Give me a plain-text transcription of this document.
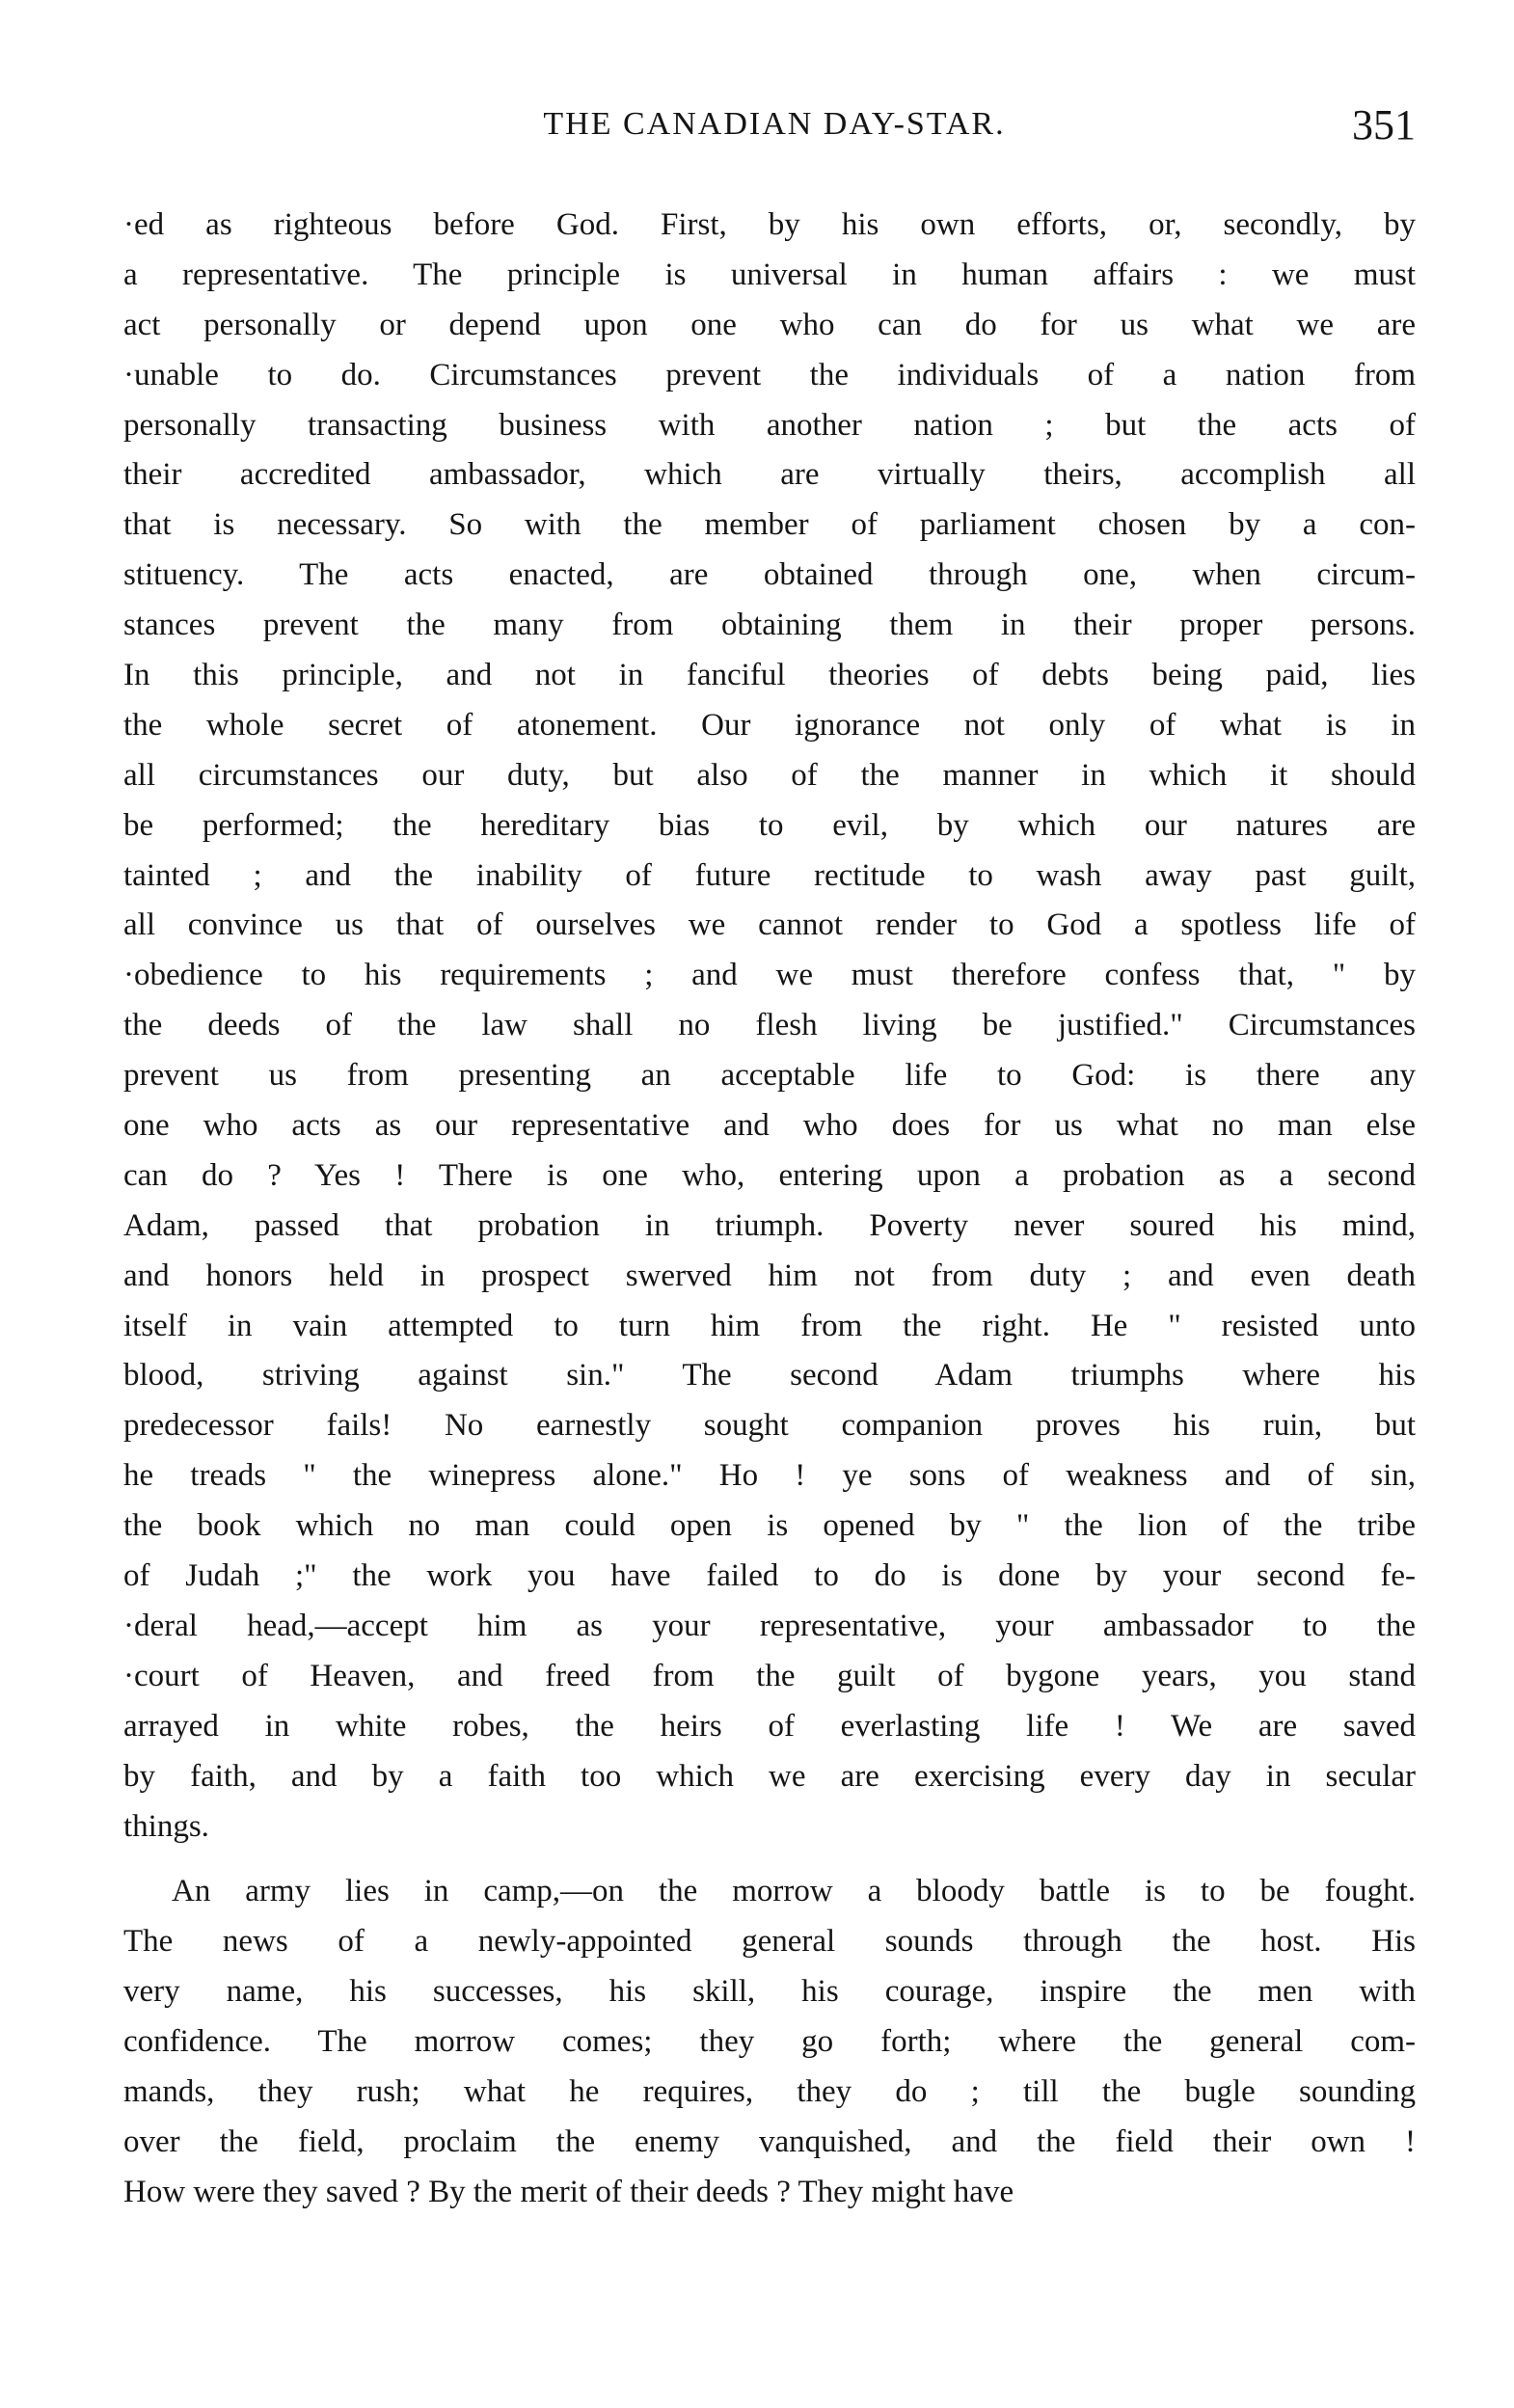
THE CANADIAN DAY-STAR.	351
·ed as righteous before God. First, by his own efforts, or, secondly, by
a representative. The principle is universal in human affairs : we must
act personally or depend upon one who can do for us what we are
·unable to do. Circumstances prevent the individuals of a nation from
personally transacting business with another nation ; but the acts of
their accredited ambassador, which are virtually theirs, accomplish all
that is necessary. So with the member of parliament chosen by a con-
stituency. The acts enacted, are obtained through one, when circum-
stances prevent the many from obtaining them in their proper persons.
In this principle, and not in fanciful theories of debts being paid, lies
the whole secret of atonement. Our ignorance not only of what is in
all circumstances our duty, but also of the manner in which it should
be performed; the hereditary bias to evil, by which our natures are
tainted ; and the inability of future rectitude to wash away past guilt,
all convince us that of ourselves we cannot render to God a spotless life of
·obedience to his requirements ; and we must therefore confess that, " by
the deeds of the law shall no flesh living be justified." Circumstances
prevent us from presenting an acceptable life to God: is there any
one who acts as our representative and who does for us what no man else
can do ? Yes ! There is one who, entering upon a probation as a second
Adam, passed that probation in triumph. Poverty never soured his mind,
and honors held in prospect swerved him not from duty ; and even death
itself in vain attempted to turn him from the right. He " resisted unto
blood, striving against sin." The second Adam triumphs where his
predecessor fails! No earnestly sought companion proves his ruin, but
he treads " the winepress alone." Ho ! ye sons of weakness and of sin,
the book which no man could open is opened by " the lion of the tribe
of Judah ;" the work you have failed to do is done by your second fe-
·deral head,—accept him as your representative, your ambassador to the
·court of Heaven, and freed from the guilt of bygone years, you stand
arrayed in white robes, the heirs of everlasting life ! We are saved
by faith, and by a faith too which we are exercising every day in secular
things.
An army lies in camp,—on the morrow a bloody battle is to be fought.
The news of a newly-appointed general sounds through the host. His
very name, his successes, his skill, his courage, inspire the men with
confidence. The morrow comes; they go forth; where the general com-
mands, they rush; what he requires, they do ; till the bugle sounding
over the field, proclaim the enemy vanquished, and the field their own !
How were they saved ? By the merit of their deeds ? They might have
